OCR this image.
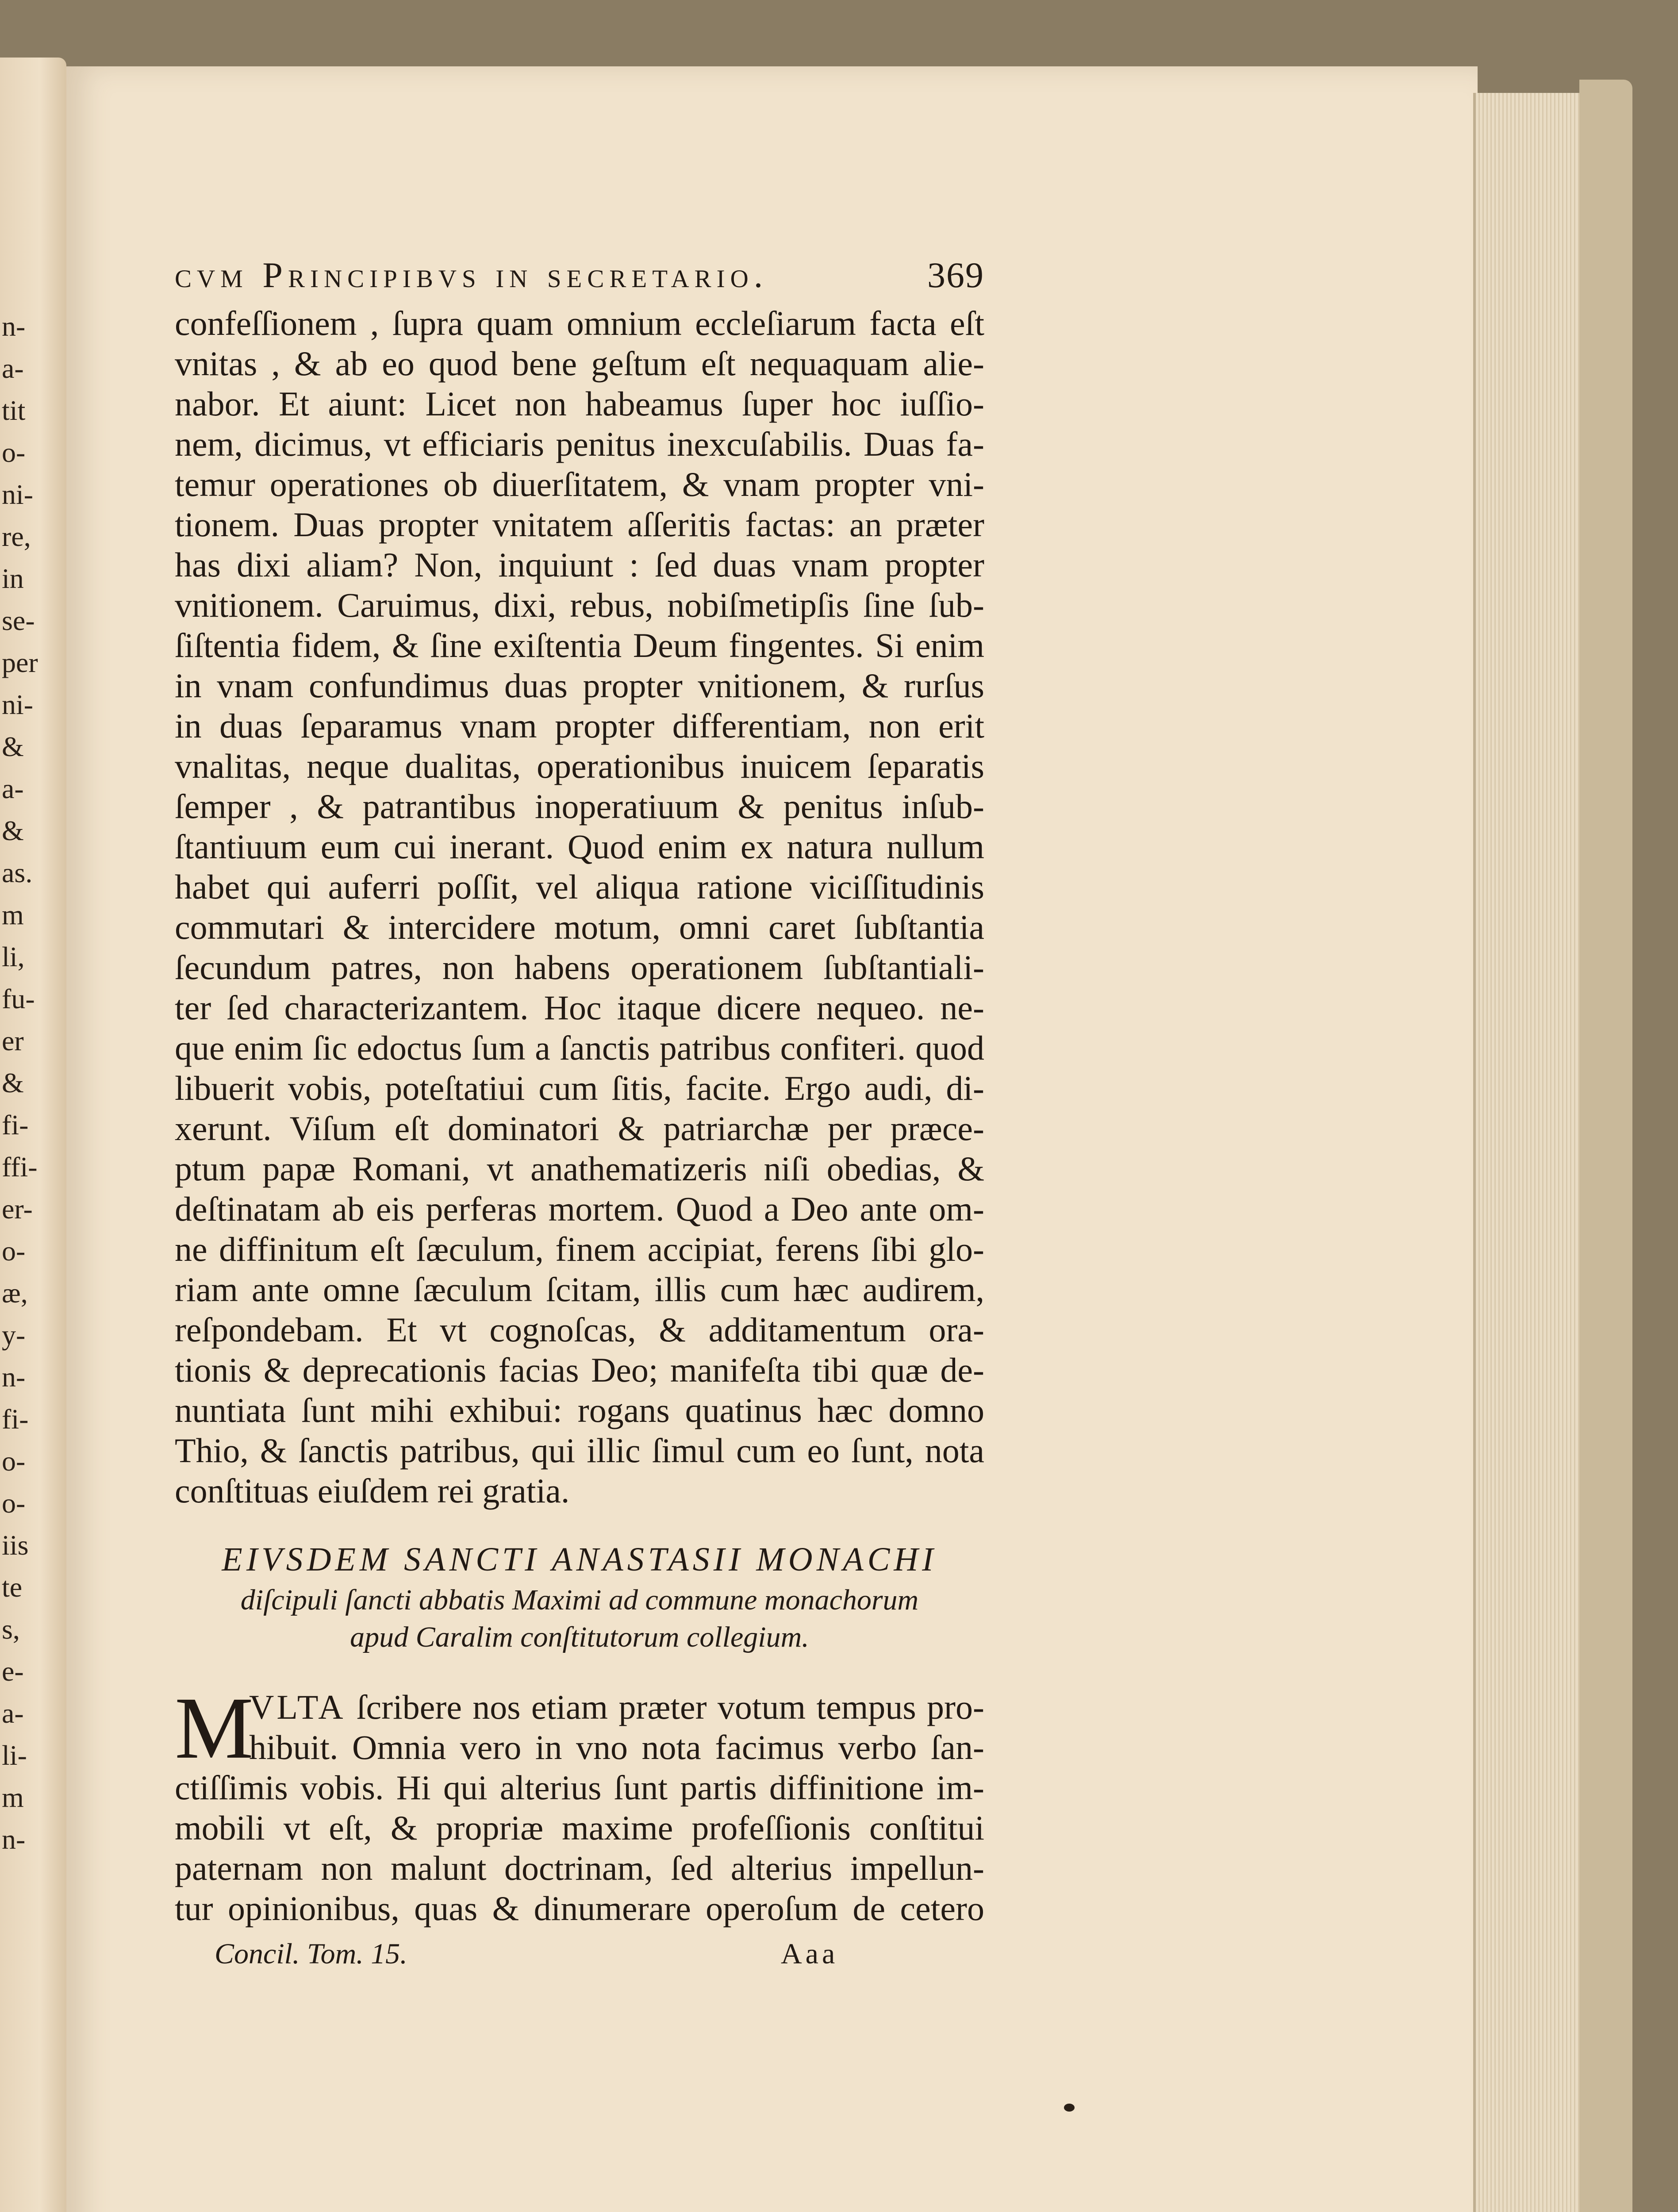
n-
a-
tit
o-
ni-
re,
in
se-
per
ni-
&
a-
&
as.
m
li,
fu-
er
&
fi-
ffi-
er-
o-
æ,
y-
n-
fi-
o-
o-
iis
te
s,
e-
a-
li-
m
n-
cvm Principibvs in secretario.	369
confeſſionem , ſupra quam omnium eccleſiarum facta eſt
vnitas , & ab eo quod bene geſtum eſt nequaquam alie-
nabor. Et aiunt: Licet non habeamus ſuper hoc iuſſio-
nem, dicimus, vt efficiaris penitus inexcuſabilis. Duas fa-
temur operationes ob diuerſitatem, & vnam propter vni-
tionem. Duas propter vnitatem aſſeritis factas: an præter
has dixi aliam? Non, inquiunt : ſed duas vnam propter
vnitionem. Caruimus, dixi, rebus, nobiſmetipſis ſine ſub-
ſiſtentia fidem, & ſine exiſtentia Deum fingentes. Si enim
in vnam confundimus duas propter vnitionem, & rurſus
in duas ſeparamus vnam propter differentiam, non erit
vnalitas, neque dualitas, operationibus inuicem ſeparatis
ſemper , & patrantibus inoperatiuum & penitus inſub-
ſtantiuum eum cui inerant. Quod enim ex natura nullum
habet qui auferri poſſit, vel aliqua ratione viciſſitudinis
commutari & intercidere motum, omni caret ſubſtantia
ſecundum patres, non habens operationem ſubſtantiali-
ter ſed characterizantem. Hoc itaque dicere nequeo. ne-
que enim ſic edoctus ſum a ſanctis patribus confiteri. quod
libuerit vobis, poteſtatiui cum ſitis, facite. Ergo audi, di-
xerunt. Viſum eſt dominatori & patriarchæ per præce-
ptum papæ Romani, vt anathematizeris niſi obedias, &
deſtinatam ab eis perferas mortem. Quod a Deo ante om-
ne diffinitum eſt ſæculum, finem accipiat, ferens ſibi glo-
riam ante omne ſæculum ſcitam, illis cum hæc audirem,
reſpondebam. Et vt cognoſcas, & additamentum ora-
tionis & deprecationis facias Deo; manifeſta tibi quæ de-
nuntiata ſunt mihi exhibui: rogans quatinus hæc domno
Thio, & ſanctis patribus, qui illic ſimul cum eo ſunt, nota
conſtituas eiuſdem rei gratia.
EIVSDEM SANCTI ANASTASII MONACHI
diſcipuli ſancti abbatis Maximi ad commune monachorum
apud Caralim conſtitutorum collegium.
M
VLTA ſcribere nos etiam præter votum tempus pro-
hibuit. Omnia vero in vno nota facimus verbo ſan-
ctiſſimis vobis. Hi qui alterius ſunt partis diffinitione im-
mobili vt eſt, & propriæ maxime profeſſionis conſtitui
paternam non malunt doctrinam, ſed alterius impellun-
tur opinionibus, quas & dinumerare operoſum de cetero
Concil. Tom. 15.	Aaa
